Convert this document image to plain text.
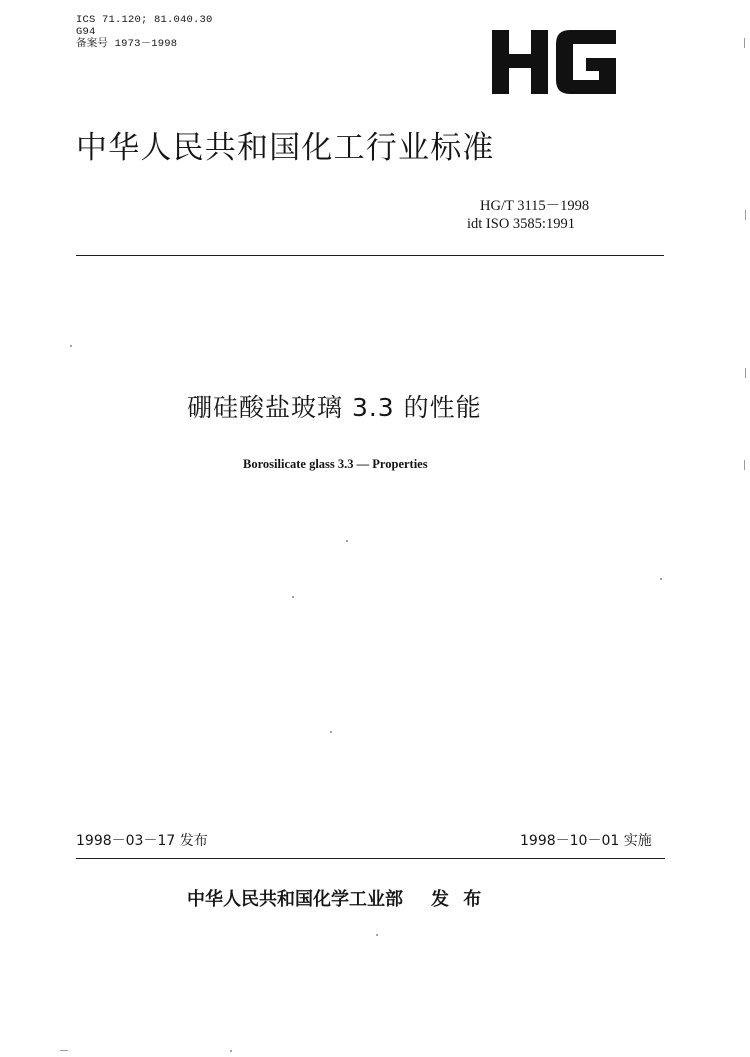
ICS 71.120; 81.040.30
G94
备案号 1973－1998
中华人民共和国化工行业标准
HG/T 3115－1998
idt ISO 3585:1991
硼硅酸盐玻璃 3.3 的性能
Borosilicate glass 3.3 — Properties
1998－03－17 发布	1998－10－01 实施
中华人民共和国化学工业部 发 布
